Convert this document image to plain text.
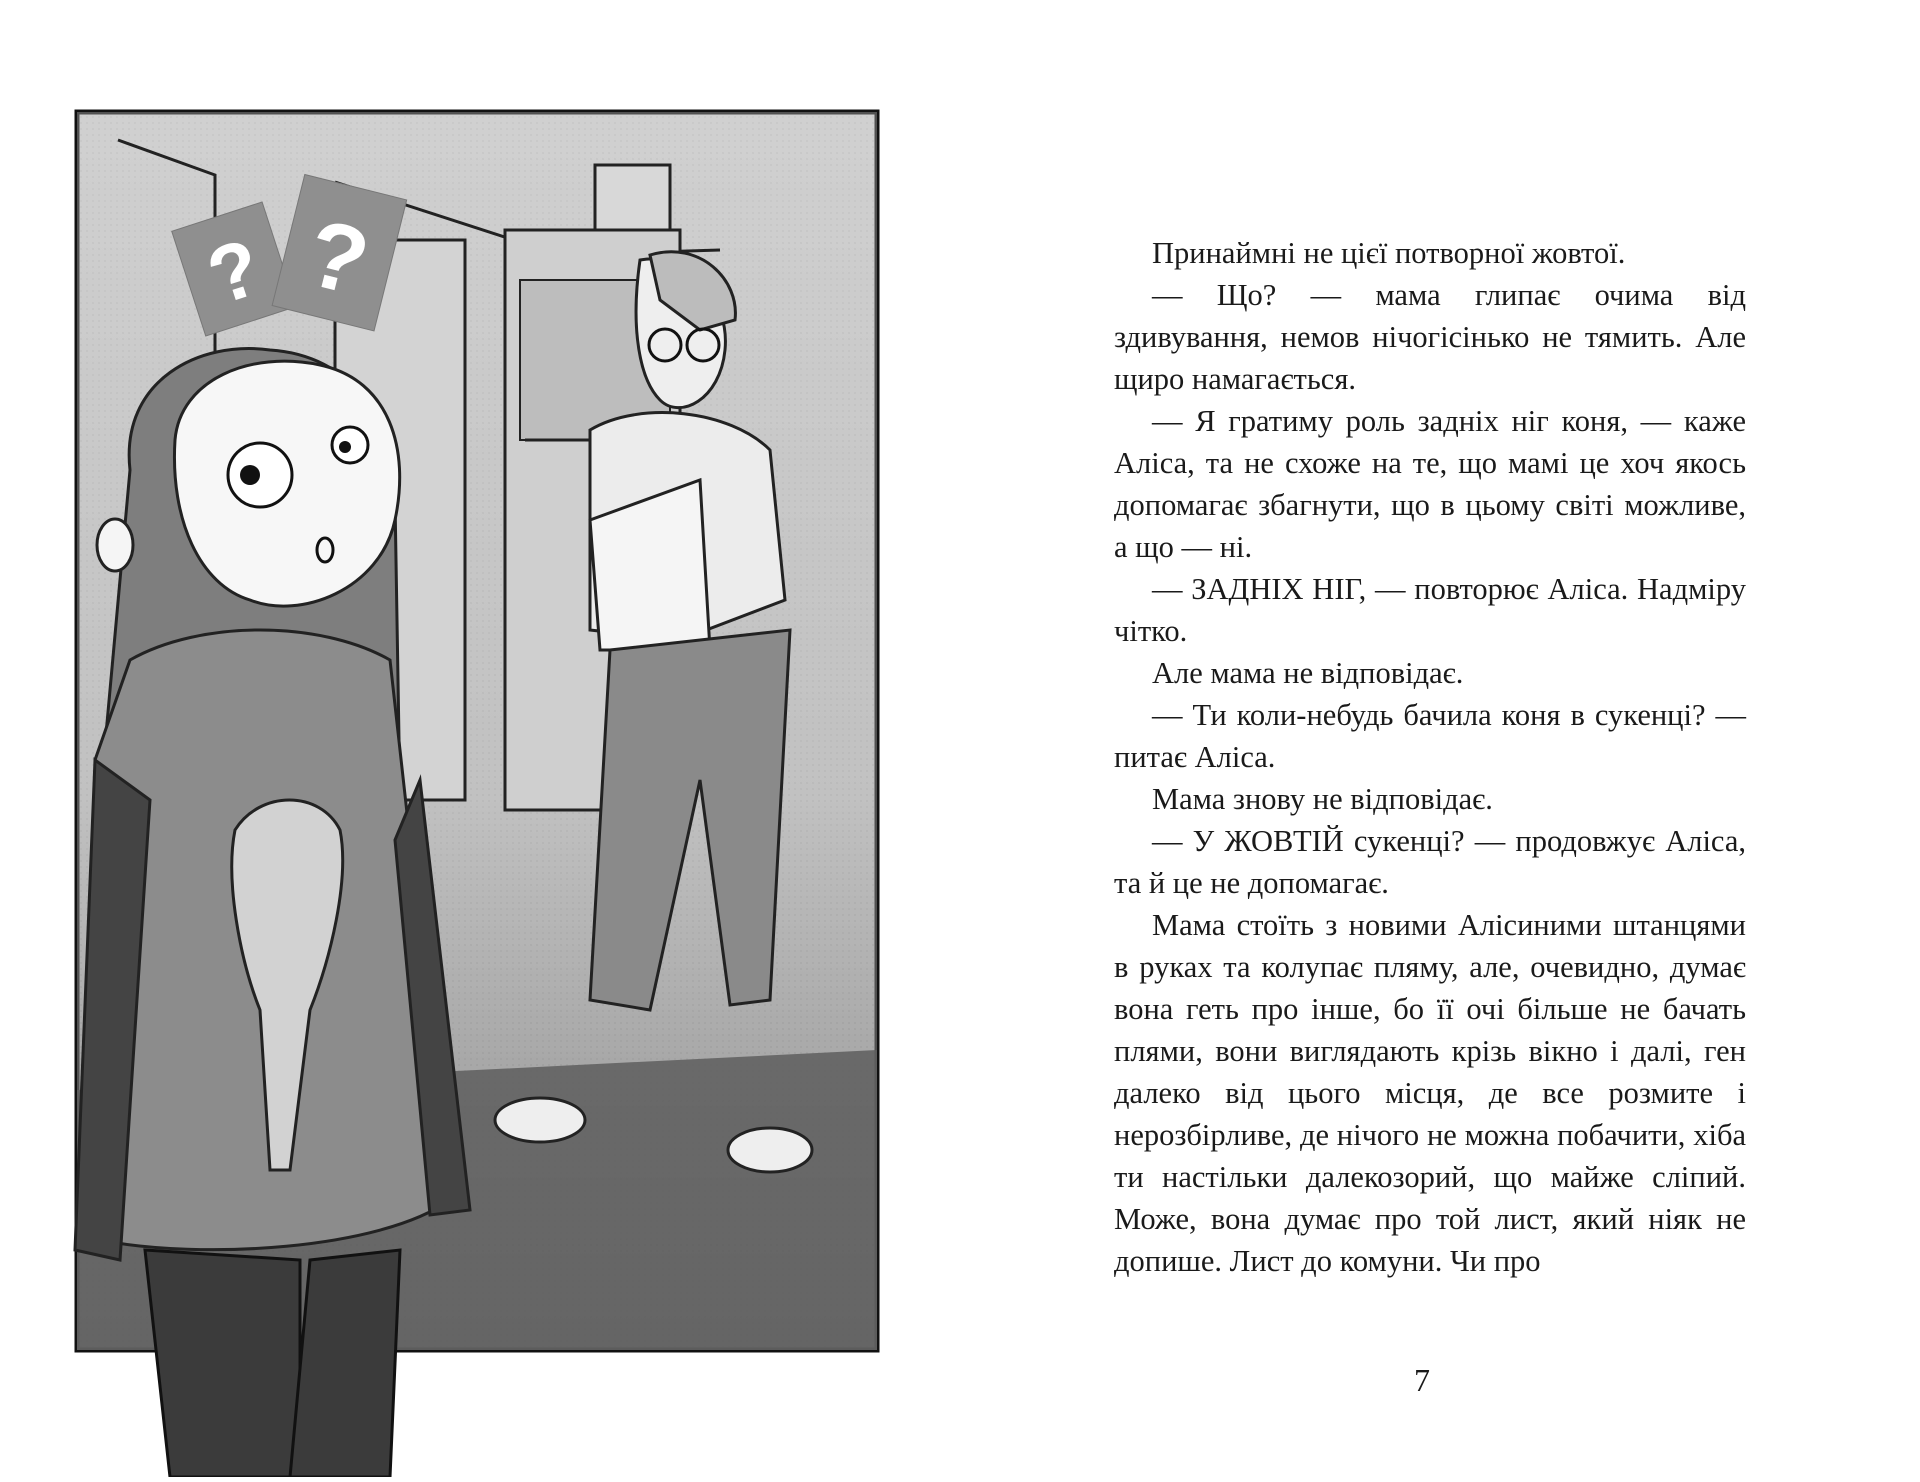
? ?	Принаймні не цієї потворної жовтої.

— Що? — мама глипає очима від здивування, немов нічогісінько не тямить. Але щиро намагається.

— Я гратиму роль задніх ніг коня, — каже Аліса, та не схоже на те, що мамі це хоч якось допомагає збагнути, що в цьому світі можливе, а що — ні.

— ЗАДНІХ НІГ, — повторює Аліса. Надміру чітко.

Але мама не відповідає.

— Ти коли-небудь бачила коня в сукенці? — питає Аліса.

Мама знову не відповідає.

— У ЖОВТІЙ сукенці? — продовжує Аліса, та й це не допомагає.

Мама стоїть з новими Алісиними штанцями в руках та колупає пляму, але, очевидно, думає вона геть про інше, бо її очі більше не бачать плями, вони виглядають крізь вікно і далі, ген далеко від цього місця, де все розмите і нерозбірливе, де нічого не можна побачити, хіба ти настільки далекозорий, що майже сліпий. Може, вона думає про той лист, який ніяк не допише. Лист до комуни. Чи про

7
